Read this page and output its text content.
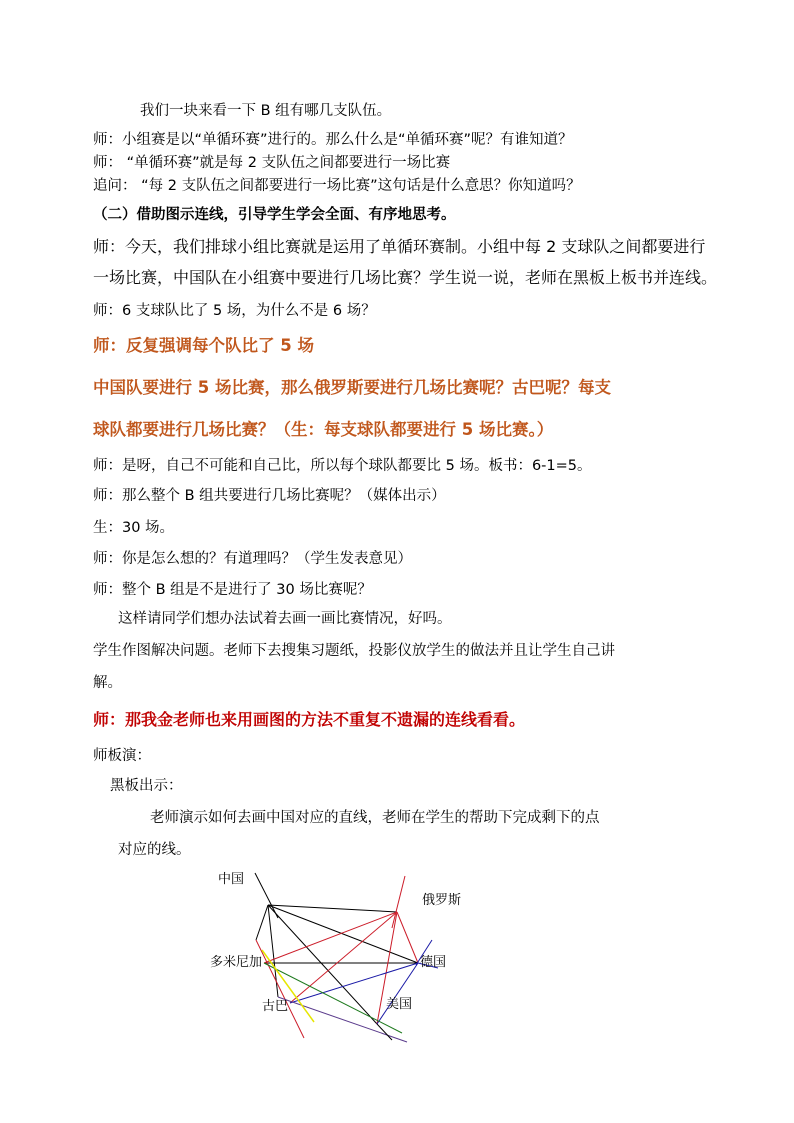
我们一块来看一下 B 组有哪几支队伍。
师：小组赛是以“单循环赛”进行的。那么什么是“单循环赛”呢？有谁知道？
师： “单循环赛”就是每 2 支队伍之间都要进行一场比赛
追问： “每 2 支队伍之间都要进行一场比赛”这句话是什么意思？你知道吗？
（二）借助图示连线，引导学生学会全面、有序地思考。
师：今天，我们排球小组比赛就是运用了单循环赛制。小组中每 2 支球队之间都要进行
一场比赛，中国队在小组赛中要进行几场比赛？学生说一说，老师在黑板上板书并连线。
师：6 支球队比了 5 场，为什么不是 6 场？
师：反复强调每个队比了 5 场
中国队要进行 5 场比赛，那么俄罗斯要进行几场比赛呢？古巴呢？每支
球队都要进行几场比赛？（生：每支球队都要进行 5 场比赛。）
师：是呀，自己不可能和自己比，所以每个球队都要比 5 场。板书：6-1=5。
师：那么整个 B 组共要进行几场比赛呢？（媒体出示）
生：30 场。
师：你是怎么想的？有道理吗？（学生发表意见）
师：整个 B 组是不是进行了 30 场比赛呢？
这样请同学们想办法试着去画一画比赛情况，好吗。
学生作图解决问题。老师下去搜集习题纸，投影仪放学生的做法并且让学生自己讲
解。
师：那我金老师也来用画图的方法不重复不遗漏的连线看看。
师板演：
黑板出示：
老师演示如何去画中国对应的直线，老师在学生的帮助下完成剩下的点
对应的线。
中国
俄罗斯
德国
美国
古巴
多米尼加
